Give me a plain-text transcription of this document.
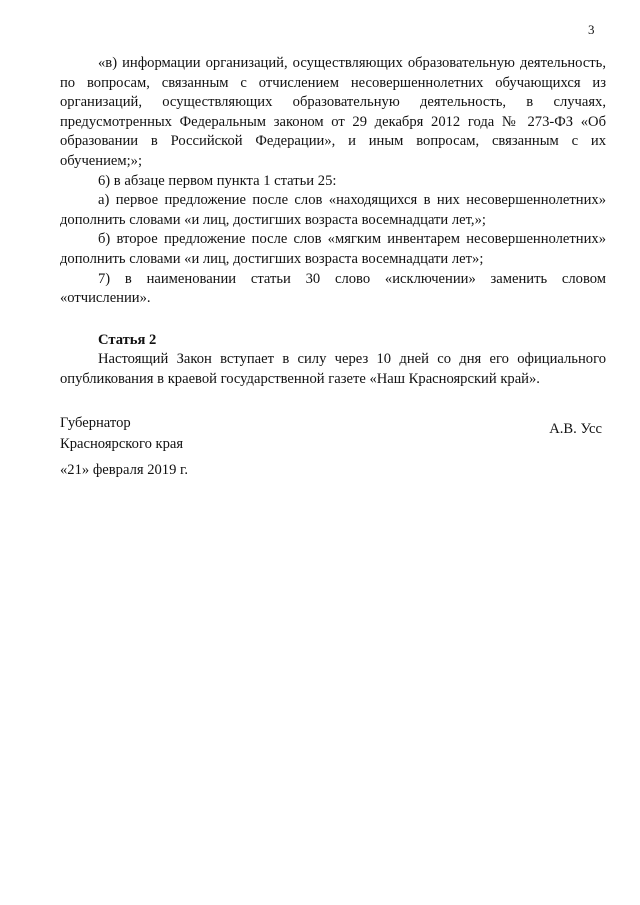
3

«в) информации организаций, осуществляющих образовательную деятельность, по вопросам, связанным с отчислением несовершеннолетних обучающихся из организаций, осуществляющих образовательную деятельность, в случаях, предусмотренных Федеральным законом от 29 декабря 2012 года № 273-ФЗ «Об образовании в Российской Федерации», и иным вопросам, связанным с их обучением;»;

6) в абзаце первом пункта 1 статьи 25:

а) первое предложение после слов «находящихся в них несовершеннолетних» дополнить словами «и лиц, достигших возраста восемнадцати лет,»;

б) второе предложение после слов «мягким инвентарем несовершеннолетних» дополнить словами «и лиц, достигших возраста восемнадцати лет»;

7) в наименовании статьи 30 слово «исключении» заменить словом «отчислении».

Статья 2

Настоящий Закон вступает в силу через 10 дней со дня его официального опубликования в краевой государственной газете «Наш Красноярский край».

Губернатор
Красноярского края
А.В. Усс
«21» февраля 2019 г.
